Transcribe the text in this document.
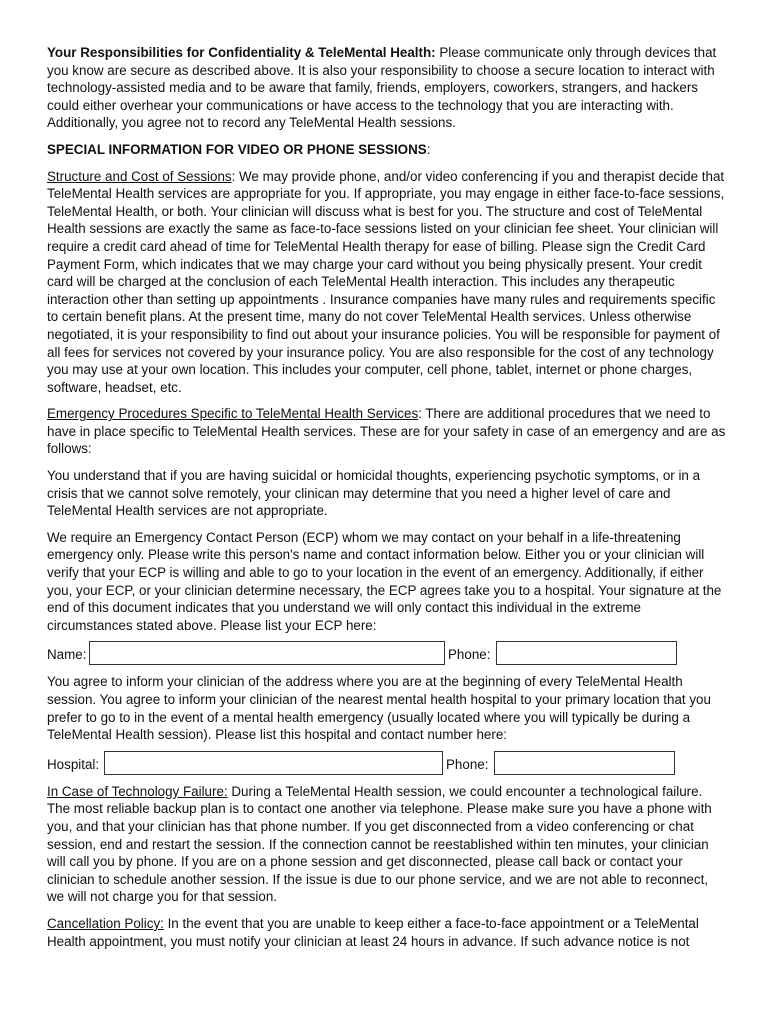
Your Responsibilities for Confidentiality & TeleMental Health: Please communicate only through devices that you know are secure as described above. It is also your responsibility to choose a secure location to interact with technology-assisted media and to be aware that family, friends, employers, coworkers, strangers, and hackers could either overhear your communications or have access to the technology that you are interacting with. Additionally, you agree not to record any TeleMental Health sessions.

SPECIAL INFORMATION FOR VIDEO OR PHONE SESSIONS:

Structure and Cost of Sessions: We may provide phone, and/or video conferencing if you and therapist decide that TeleMental Health services are appropriate for you. If appropriate, you may engage in either face-to-face sessions, TeleMental Health, or both. Your clinician will discuss what is best for you. The structure and cost of TeleMental Health sessions are exactly the same as face-to-face sessions listed on your clinician fee sheet. Your clinician will require a credit card ahead of time for TeleMental Health therapy for ease of billing. Please sign the Credit Card Payment Form, which indicates that we may charge your card without you being physically present. Your credit card will be charged at the conclusion of each TeleMental Health interaction. This includes any therapeutic interaction other than setting up appointments . Insurance companies have many rules and requirements specific to certain benefit plans. At the present time, many do not cover TeleMental Health services. Unless otherwise negotiated, it is your responsibility to find out about your insurance policies. You will be responsible for payment of all fees for services not covered by your insurance policy. You are also responsible for the cost of any technology you may use at your own location. This includes your computer, cell phone, tablet, internet or phone charges, software, headset, etc.

Emergency Procedures Specific to TeleMental Health Services: There are additional procedures that we need to have in place specific to TeleMental Health services. These are for your safety in case of an emergency and are as follows:

You understand that if you are having suicidal or homicidal thoughts, experiencing psychotic symptoms, or in a crisis that we cannot solve remotely, your clinican may determine that you need a higher level of care and TeleMental Health services are not appropriate.

We require an Emergency Contact Person (ECP) whom we may contact on your behalf in a life-threatening emergency only. Please write this person's name and contact information below. Either you or your clinician will verify that your ECP is willing and able to go to your location in the event of an emergency. Additionally, if either you, your ECP, or your clinician determine necessary, the ECP agrees take you to a hospital. Your signature at the end of this document indicates that you understand we will only contact this individual in the extreme circumstances stated above. Please list your ECP here:

Name:	Phone:

You agree to inform your clinician of the address where you are at the beginning of every TeleMental Health session. You agree to inform your clinician of the nearest mental health hospital to your primary location that you prefer to go to in the event of a mental health emergency (usually located where you will typically be during a TeleMental Health session). Please list this hospital and contact number here:

Hospital:	Phone:

In Case of Technology Failure: During a TeleMental Health session, we could encounter a technological failure. The most reliable backup plan is to contact one another via telephone. Please make sure you have a phone with you, and that your clinician has that phone number. If you get disconnected from a video conferencing or chat session, end and restart the session. If the connection cannot be reestablished within ten minutes, your clinician will call you by phone. If you are on a phone session and get disconnected, please call back or contact your clinician to schedule another session. If the issue is due to our phone service, and we are not able to reconnect, we will not charge you for that session.

Cancellation Policy: In the event that you are unable to keep either a face-to-face appointment or a TeleMental Health appointment, you must notify your clinician at least 24 hours in advance. If such advance notice is not
